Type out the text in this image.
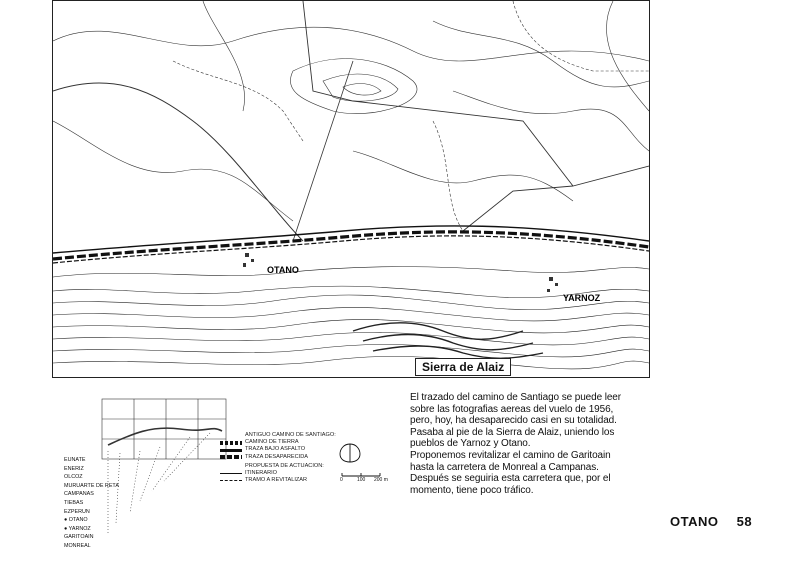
OTANO
YARNOZ
Sierra de Alaiz
EUNATE
ENERIZ
OLCOZ
MURUARTE DE RETA
CAMPANAS
TIEBAS
EZPERUN
● OTANO
● YARNOZ
GARITOAIN
MONREAL
ANTIGUO CAMINO DE SANTIAGO:
CAMINO DE TIERRA
TRAZA BAJO ASFALTO
TRAZA DESAPARECIDA
PROPUESTA DE ACTUACION:
ITINERARIO
TRAMO A REVITALIZAR	0	100 200 m

El trazado del camino de Santiago se puede leer

sobre las fotografias aereas del vuelo de 1956,

pero, hoy, ha desaparecido casi en su totalidad.

Pasaba al pie de la Sierra de Alaiz, uniendo los

pueblos de Yarnoz y Otano.

Proponemos revitalizar el camino de Garitoain

hasta la carretera de Monreal a Campanas.

Después se seguiria esta carretera que, por el

momento, tiene poco tráfico.

OTANO 58
